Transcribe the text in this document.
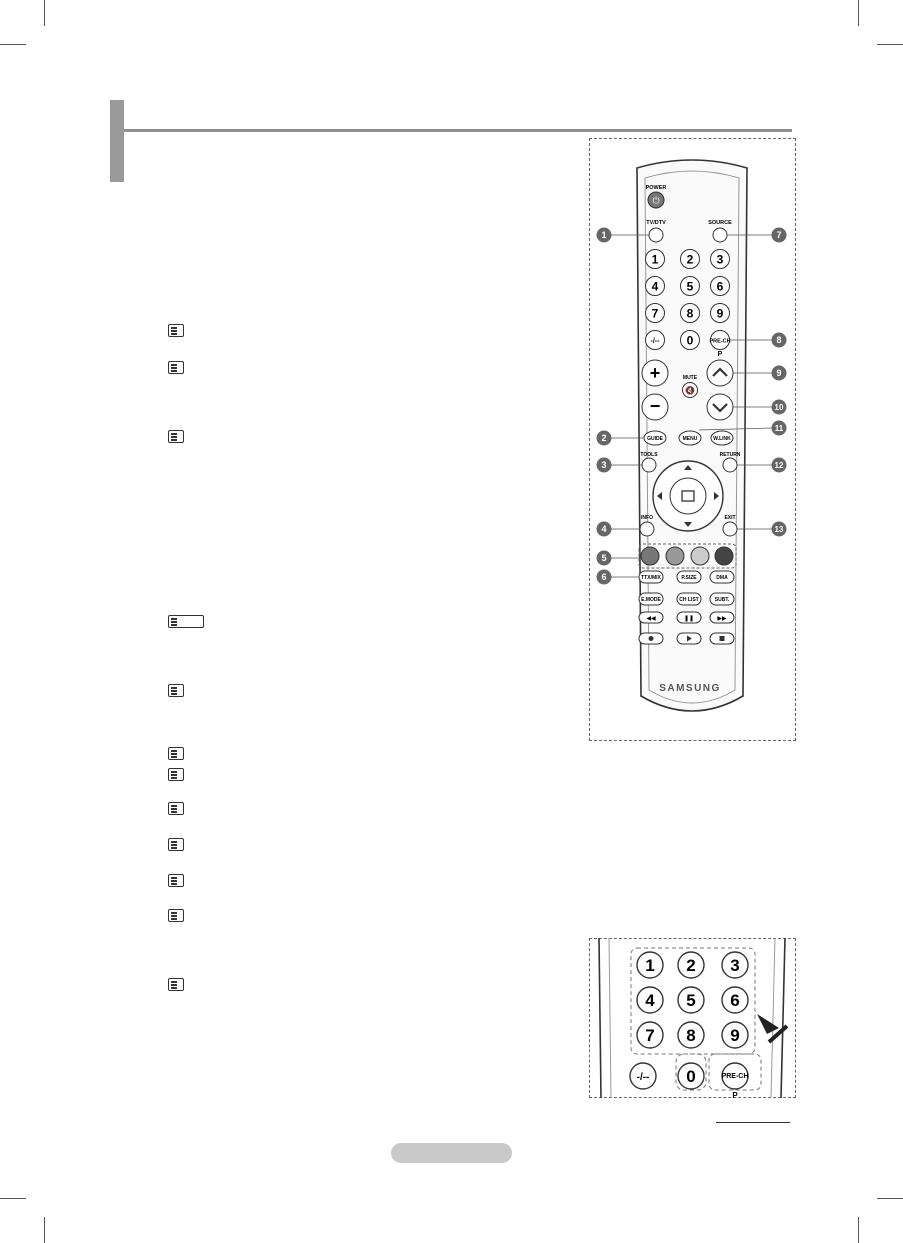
POWER
⏻
TV/DTV	SOURCE
1 2 3
4 5 6
7 8 9
-/-- 0	PRE-CH
+
−
MUTE
🔇
P
GUIDE	MENU	W.LINK
TOOLS	RETURN
INFO	EXIT
TTX/MIX	P.SIZE	DMA
E.MODE	CH LIST	SUBT.
◀◀	❚❚	▶▶
SAMSUNG
1
2
3
4
5
6
7
8
9
10
11
12
13
1 2 3
4 5 6
7 8 9
-/-- 0	PRE-CH
P
